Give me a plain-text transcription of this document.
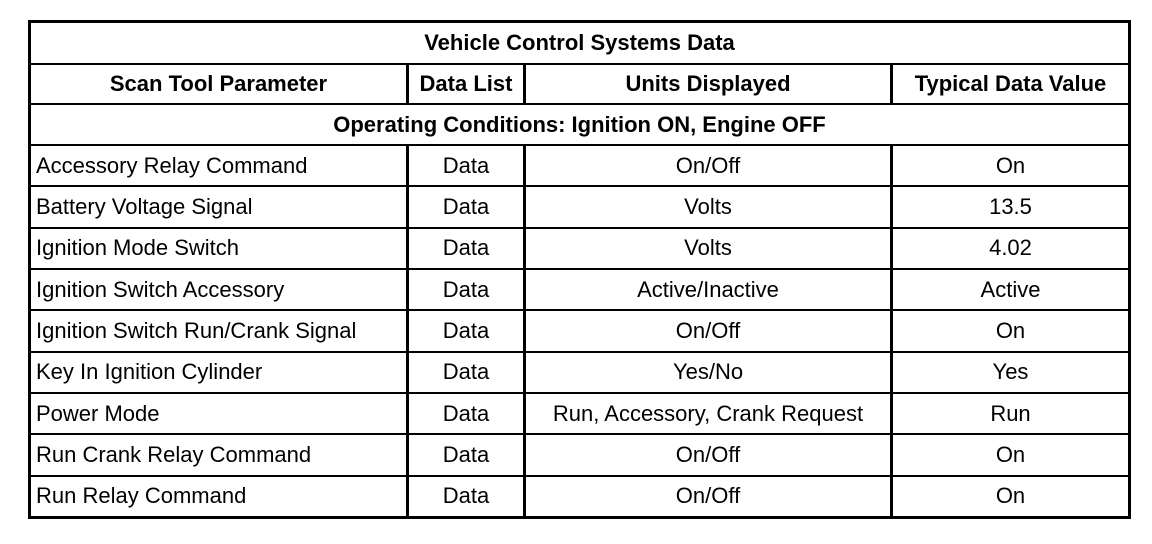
Vehicle Control Systems Data			
Scan Tool Parameter	Data List	Units Displayed	Typical Data Value
Operating Conditions: Ignition ON, Engine OFF			
Accessory Relay Command	Data	On/Off	On
Battery Voltage Signal	Data	Volts	13.5
Ignition Mode Switch	Data	Volts	4.02
Ignition Switch Accessory	Data	Active/Inactive	Active
Ignition Switch Run/Crank Signal	Data	On/Off	On
Key In Ignition Cylinder	Data	Yes/No	Yes
Power Mode	Data	Run, Accessory, Crank Request	Run
Run Crank Relay Command	Data	On/Off	On
Run Relay Command	Data	On/Off	On
